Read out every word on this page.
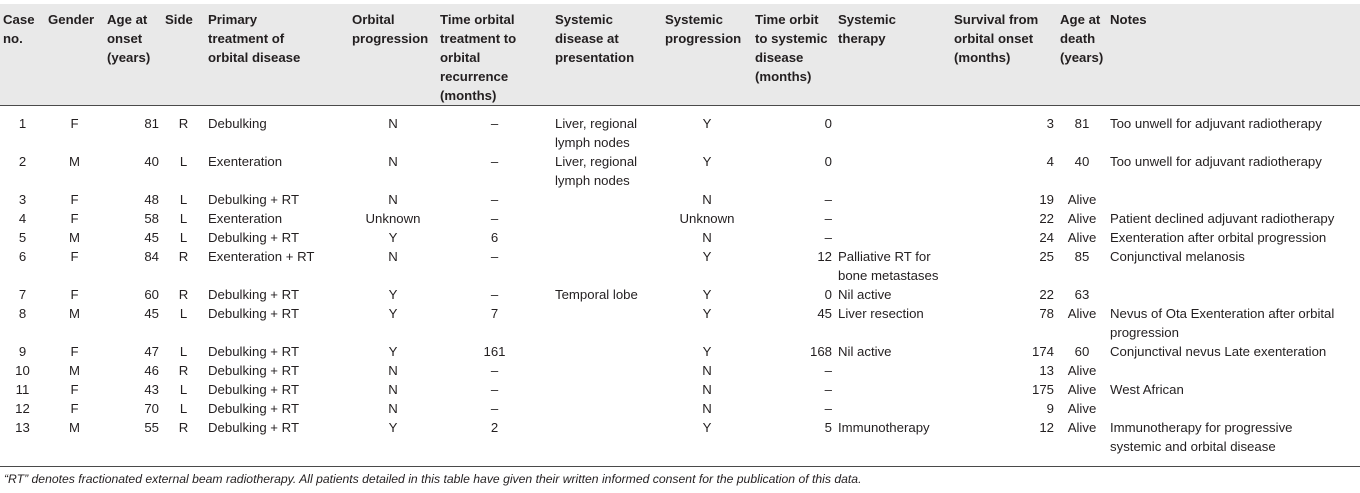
Case
no.	Gender	Age at
onset
(years)	Side	Primary
treatment of
orbital disease	Orbital
progression	Time orbital
treatment to
orbital recurrence
(months)	Systemic
disease at
presentation	Systemic
progression	Time orbit
to systemic
disease
(months)	Systemic
therapy	Survival from
orbital onset
(months)	Age at
death
(years)	Notes

1	F	81	R	Debulking	N	–	Liver, regional
lymph nodes	Y	0		3	81	Too unwell for adjuvant radiotherapy
2	M	40	L	Exenteration	N	–	Liver, regional
lymph nodes	Y	0		4	40	Too unwell for adjuvant radiotherapy
3	F	48	L	Debulking + RT	N	–		N	–		19	Alive	
4	F	58	L	Exenteration	Unknown	–		Unknown	–		22	Alive	Patient declined adjuvant radiotherapy
5	M	45	L	Debulking + RT	Y	6		N	–		24	Alive	Exenteration after orbital progression
6	F	84	R	Exenteration + RT	N	–		Y	12	Palliative RT for
bone metastases	25	85	Conjunctival melanosis
7	F	60	R	Debulking + RT	Y	–	Temporal lobe	Y	0	Nil active	22	63	
8	M	45	L	Debulking + RT	Y	7		Y	45	Liver resection	78	Alive	Nevus of Ota Exenteration after orbital
progression
9	F	47	L	Debulking + RT	Y	161		Y	168	Nil active	174	60	Conjunctival nevus Late exenteration
10	M	46	R	Debulking + RT	N	–		N	–		13	Alive	
11	F	43	L	Debulking + RT	N	–		N	–		175	Alive	West African
12	F	70	L	Debulking + RT	N	–		N	–		9	Alive	
13	M	55	R	Debulking + RT	Y	2		Y	5	Immunotherapy	12	Alive	Immunotherapy for progressive
systemic and orbital disease
“RT” denotes fractionated external beam radiotherapy. All patients detailed in this table have given their written informed consent for the publication of this data.
